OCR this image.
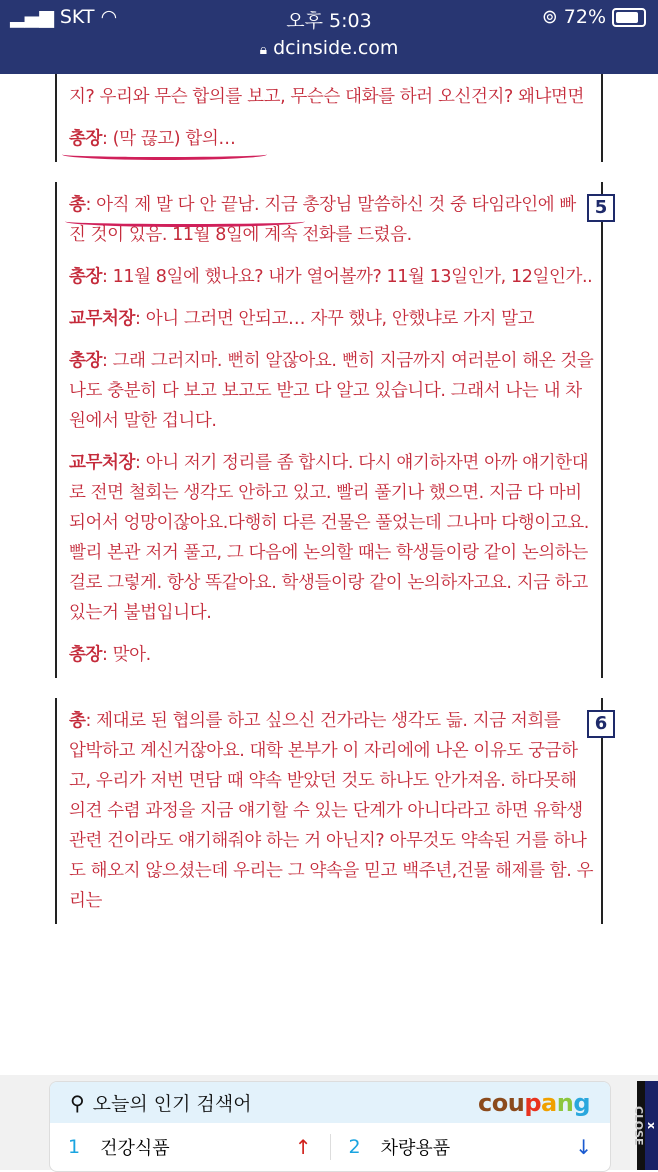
▂▄▆ SKT ◠	오후 5:03	⊚ 72%
🔒︎ dcinside.com

지? 우리와 무슨 합의를 보고, 무슨슨 대화를 하러 오신건지? 왜냐면면

총장: (막 끊고) 합의…

5

총: 아직 제 말 다 안 끝남. 지금 총장님 말씀하신 것 중 타임라인에 빠진 것이 있음. 11월 8일에 계속 전화를 드렸음.

총장: 11월 8일에 했나요? 내가 열어볼까? 11월 13일인가, 12일인가..

교무처장: 아니 그러면 안되고… 자꾸 했냐, 안했냐로 가지 말고

총장: 그래 그러지마. 뻔히 알잖아요. 뻔히 지금까지 여러분이 해온 것을 나도 충분히 다 보고 보고도 받고 다 알고 있습니다. 그래서 나는 내 차원에서 말한 겁니다.

교무처장: 아니 저기 정리를 좀 합시다. 다시 얘기하자면 아까 얘기한대로 전면 철회는 생각도 안하고 있고. 빨리 풀기나 했으면. 지금 다 마비되어서 엉망이잖아요.다행히 다른 건물은 풀었는데 그나마 다행이고요. 빨리 본관 저거 풀고, 그 다음에 논의할 때는 학생들이랑 같이 논의하는 걸로 그렇게. 항상 똑같아요. 학생들이랑 같이 논의하자고요. 지금 하고 있는거 불법입니다.

총장: 맞아.

6

총: 제대로 된 협의를 하고 싶으신 건가라는 생각도 듦. 지금 저희를 압박하고 계신거잖아요. 대학 본부가 이 자리에에 나온 이유도 궁금하고, 우리가 저번 면담 때 약속 받았던 것도 하나도 안가져옴. 하다못해 의견 수렴 과정을 지금 얘기할 수 있는 단계가 아니다라고 하면 유학생 관련 건이라도 얘기해줘야 하는 거 아닌지? 아무것도 약속된 거를 하나도 해오지 않으셨는데 우리는 그 약속을 믿고 백주년,건물 해제를 함. 우리는

⚲ 오늘의 인기 검색어	coupang
1 건강식품	↑ 2 차량용품	↓
x
CLOSE
